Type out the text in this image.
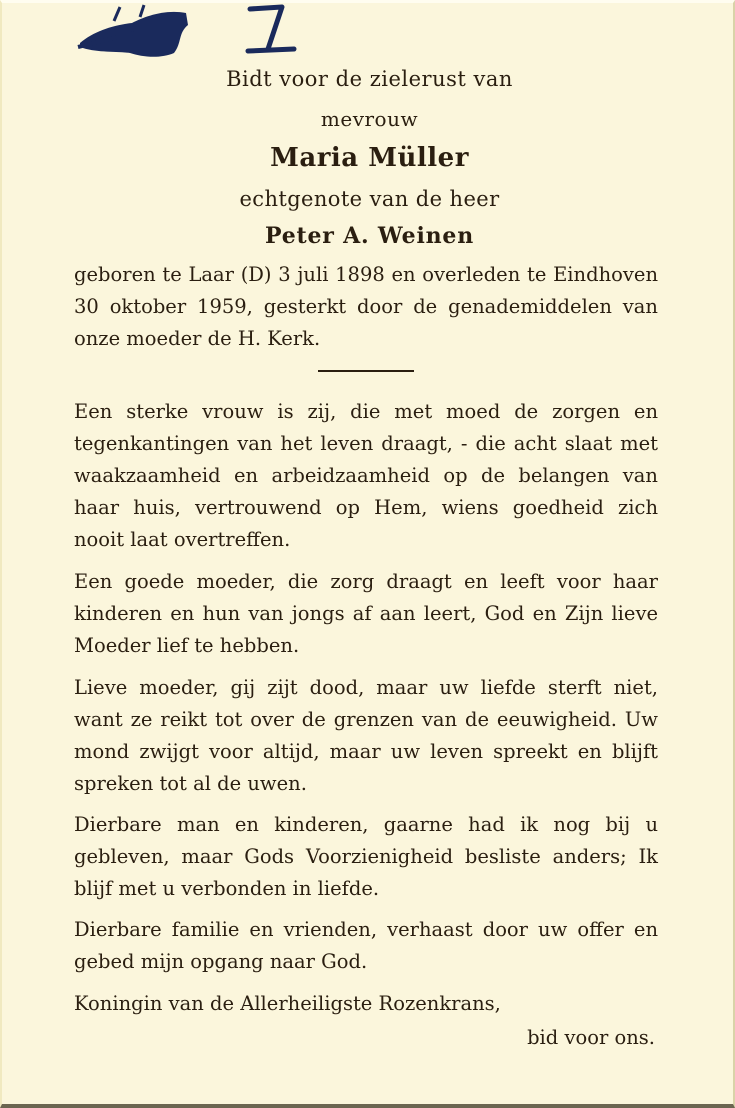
Bidt voor de zielerust van
mevrouw
Maria Müller
echtgenote van de heer
Peter A. Weinen

geboren te Laar (D) 3 juli 1898 en overleden te Eindhoven 30 oktober 1959, gesterkt door de genademiddelen van onze moeder de H. Kerk.

Een sterke vrouw is zij, die met moed de zorgen en tegenkantingen van het leven draagt, - die acht slaat met waakzaamheid en arbeidzaamheid op de belangen van haar huis, vertrouwend op Hem, wiens goedheid zich nooit laat overtreffen.

Een goede moeder, die zorg draagt en leeft voor haar kinderen en hun van jongs af aan leert, God en Zijn lieve Moeder lief te hebben.

Lieve moeder, gij zijt dood, maar uw liefde sterft niet, want ze reikt tot over de grenzen van de eeuwigheid. Uw mond zwijgt voor altijd, maar uw leven spreekt en blijft spreken tot al de uwen.

Dierbare man en kinderen, gaarne had ik nog bij u gebleven, maar Gods Voorzienigheid besliste anders; Ik blijf met u verbonden in liefde.

Dierbare familie en vrienden, verhaast door uw offer en gebed mijn opgang naar God.

Koningin van de Allerheiligste Rozenkrans,
bid voor ons.
